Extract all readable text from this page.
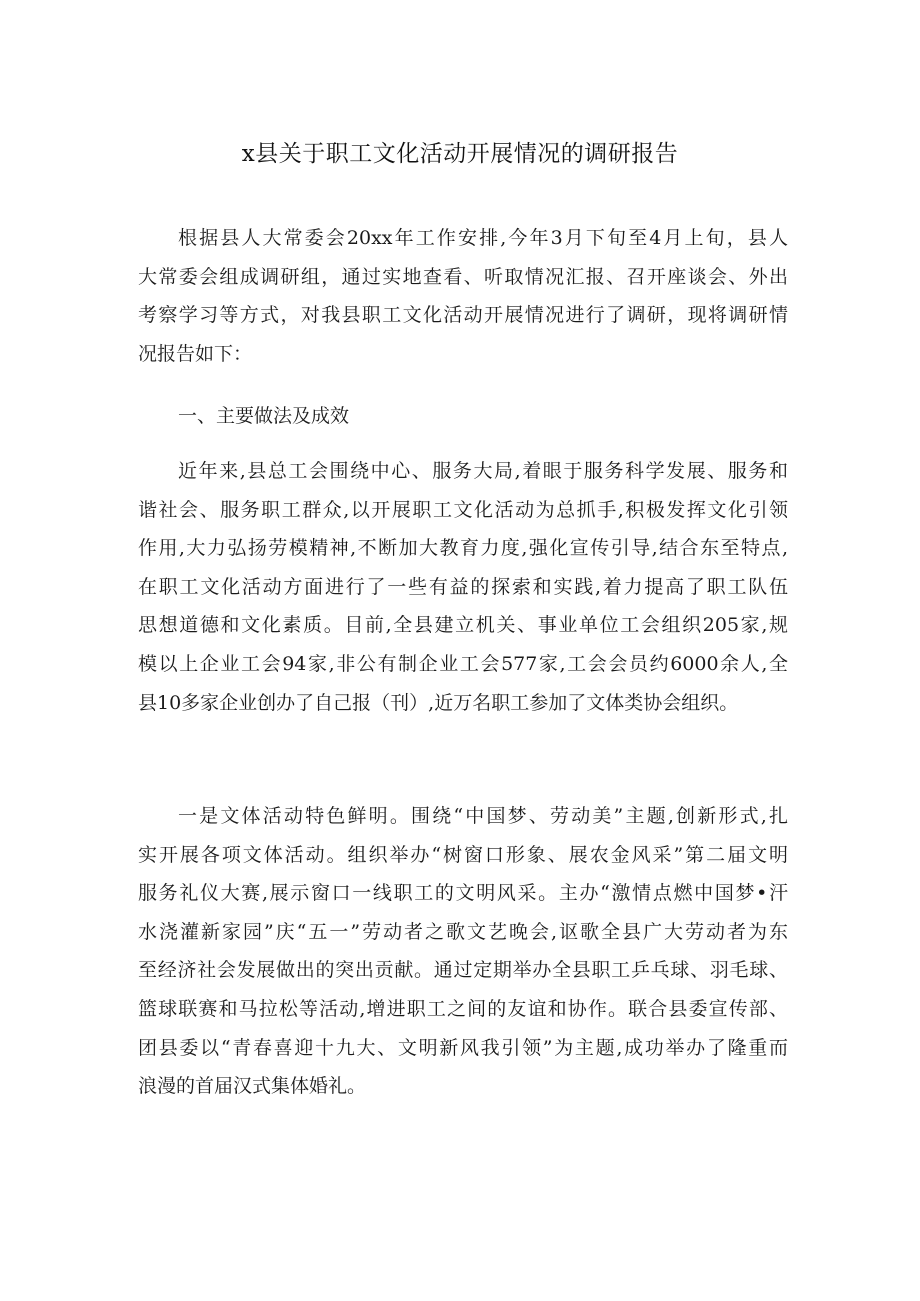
x县关于职工文化活动开展情况的调研报告
根据县人大常委会20xx年工作安排,今年3月下旬至4月上旬，县人
大常委会组成调研组，通过实地查看、听取情况汇报、召开座谈会、外出
考察学习等方式，对我县职工文化活动开展情况进行了调研，现将调研情
况报告如下：
一、主要做法及成效
近年来,县总工会围绕中心、服务大局,着眼于服务科学发展、服务和
谐社会、服务职工群众,以开展职工文化活动为总抓手,积极发挥文化引领
作用,大力弘扬劳模精神,不断加大教育力度,强化宣传引导,结合东至特点,
在职工文化活动方面进行了一些有益的探索和实践,着力提高了职工队伍
思想道德和文化素质。目前,全县建立机关、事业单位工会组织205家,规
模以上企业工会94家,非公有制企业工会577家,工会会员约6000余人,全
县10多家企业创办了自己报（刊）,近万名职工参加了文体类协会组织。
一是文体活动特色鲜明。围绕“中国梦、劳动美”主题,创新形式,扎
实开展各项文体活动。组织举办“树窗口形象、展农金风采”第二届文明
服务礼仪大赛,展示窗口一线职工的文明风采。主办“激情点燃中国梦•汗
水浇灌新家园”庆“五一”劳动者之歌文艺晚会,讴歌全县广大劳动者为东
至经济社会发展做出的突出贡献。通过定期举办全县职工乒乓球、羽毛球、
篮球联赛和马拉松等活动,增进职工之间的友谊和协作。联合县委宣传部、
团县委以“青春喜迎十九大、文明新风我引领”为主题,成功举办了隆重而
浪漫的首届汉式集体婚礼。
